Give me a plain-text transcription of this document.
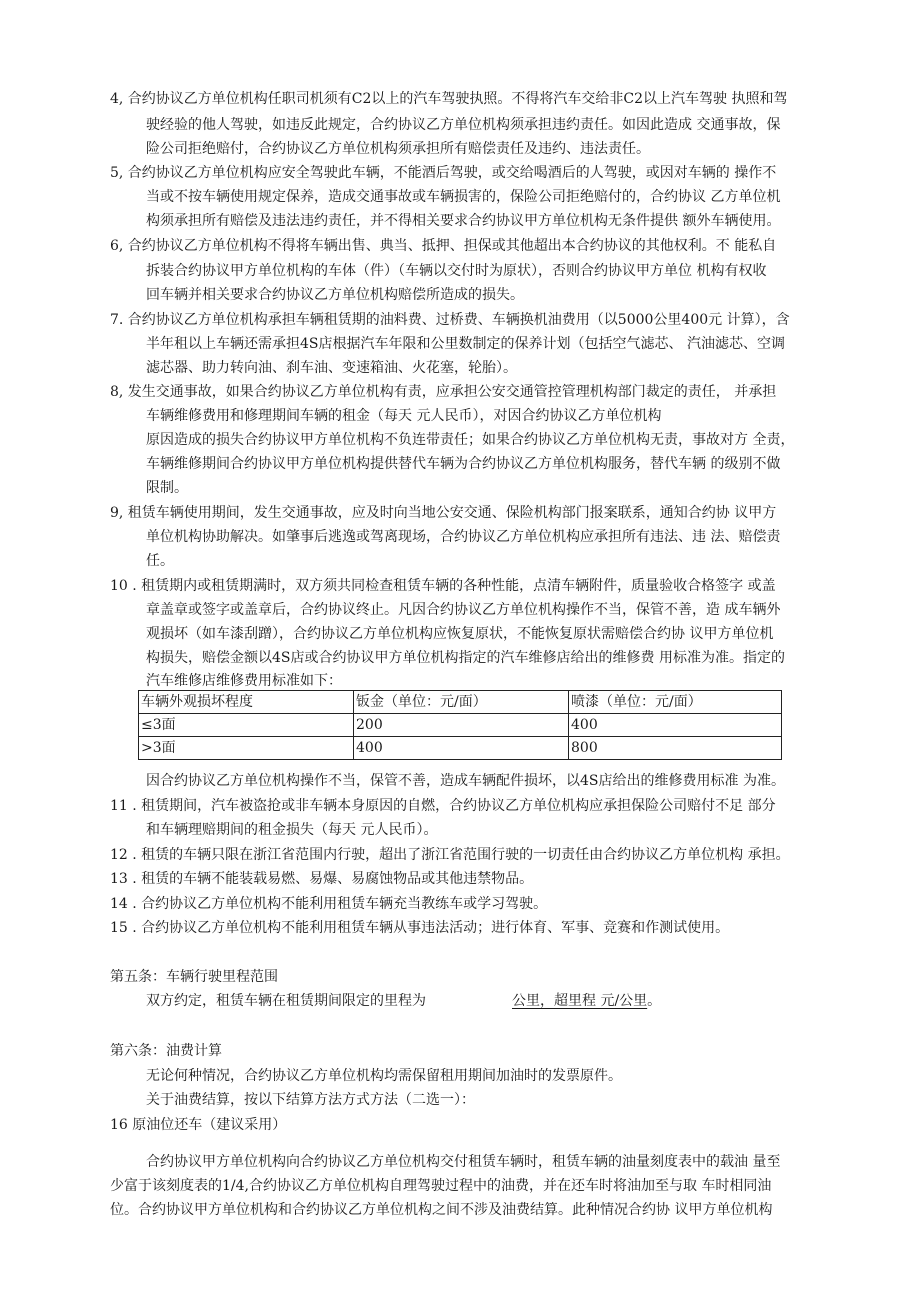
4, 合约协议乙方单位机构任职司机须有C2以上的汽车驾驶执照。不得将汽车交给非C2以上汽车驾驶 执照和驾
驶经验的他人驾驶，如违反此规定，合约协议乙方单位机构须承担违约责任。如因此造成 交通事故，保
险公司拒绝赔付，合约协议乙方单位机构须承担所有赔偿责任及违约、违法责任。
5, 合约协议乙方单位机构应安全驾驶此车辆，不能酒后驾驶，或交给喝酒后的人驾驶，或因对车辆的 操作不
当或不按车辆使用规定保养，造成交通事故或车辆损害的，保险公司拒绝赔付的，合约协议 乙方单位机
构须承担所有赔偿及违法违约责任，并不得相关要求合约协议甲方单位机构无条件提供 额外车辆使用。
6, 合约协议乙方单位机构不得将车辆出售、典当、抵押、担保或其他超出本合约协议的其他权利。不 能私自
拆装合约协议甲方单位机构的车体（件）（车辆以交付时为原状），否则合约协议甲方单位 机构有权收
回车辆并相关要求合约协议乙方单位机构赔偿所造成的损失。
7. 合约协议乙方单位机构承担车辆租赁期的油料费、过桥费、车辆换机油费用（以5000公里400元 计算），含
半年租以上车辆还需承担4S店根据汽车年限和公里数制定的保养计划（包括空气滤芯、 汽油滤芯、空调
滤芯器、助力转向油、刹车油、变速箱油、火花塞，轮胎）。
8, 发生交通事故，如果合约协议乙方单位机构有责，应承担公安交通管控管理机构部门裁定的责任， 并承担
车辆维修费用和修理期间车辆的租金（每天 元人民币），对因合约协议乙方单位机构
原因造成的损失合约协议甲方单位机构不负连带责任；如果合约协议乙方单位机构无责，事故对方 全责，
车辆维修期间合约协议甲方单位机构提供替代车辆为合约协议乙方单位机构服务，替代车辆 的级别不做
限制。
9, 租赁车辆使用期间，发生交通事故，应及时向当地公安交通、保险机构部门报案联系，通知合约协 议甲方
单位机构协助解决。如肇事后逃逸或驾离现场，合约协议乙方单位机构应承担所有违法、违 法、赔偿责
任。
10 . 租赁期内或租赁期满时，双方须共同检查租赁车辆的各种性能，点清车辆附件，质量验收合格签字 或盖
章盖章或签字或盖章后，合约协议终止。凡因合约协议乙方单位机构操作不当，保管不善，造 成车辆外
观损坏（如车漆刮蹭），合约协议乙方单位机构应恢复原状，不能恢复原状需赔偿合约协 议甲方单位机
构损失，赔偿金额以4S店或合约协议甲方单位机构指定的汽车维修店给出的维修费 用标准为准。指定的
汽车维修店维修费用标准如下：
车辆外观损坏程度	钣金（单位：元/面）	喷漆（单位：元/面）
≤3面	200	400
>3面	400	800
因合约协议乙方单位机构操作不当，保管不善，造成车辆配件损坏，以4S店给出的维修费用标准 为准。
11 . 租赁期间，汽车被盗抢或非车辆本身原因的自燃，合约协议乙方单位机构应承担保险公司赔付不足 部分
和车辆理赔期间的租金损失（每天 元人民币）。
12 . 租赁的车辆只限在浙江省范围内行驶，超出了浙江省范围行驶的一切责任由合约协议乙方单位机构 承担。
13 . 租赁的车辆不能装载易燃、易爆、易腐蚀物品或其他违禁物品。
14 . 合约协议乙方单位机构不能利用租赁车辆充当教练车或学习驾驶。
15 . 合约协议乙方单位机构不能利用租赁车辆从事违法活动；进行体育、军事、竞赛和作测试使用。
第五条：车辆行驶里程范围
双方约定，租赁车辆在租赁期间限定的里程为	公里，超里程 元/公里。
第六条：油费计算
无论何种情况，合约协议乙方单位机构均需保留租用期间加油时的发票原件。
关于油费结算，按以下结算方法方式方法（二选一）：
16 原油位还车（建议采用）
合约协议甲方单位机构向合约协议乙方单位机构交付租赁车辆时，租赁车辆的油量刻度表中的载油 量至
少富于该刻度表的1/4,合约协议乙方单位机构自理驾驶过程中的油费，并在还车时将油加至与取 车时相同油
位。合约协议甲方单位机构和合约协议乙方单位机构之间不涉及油费结算。此种情况合约协 议甲方单位机构
